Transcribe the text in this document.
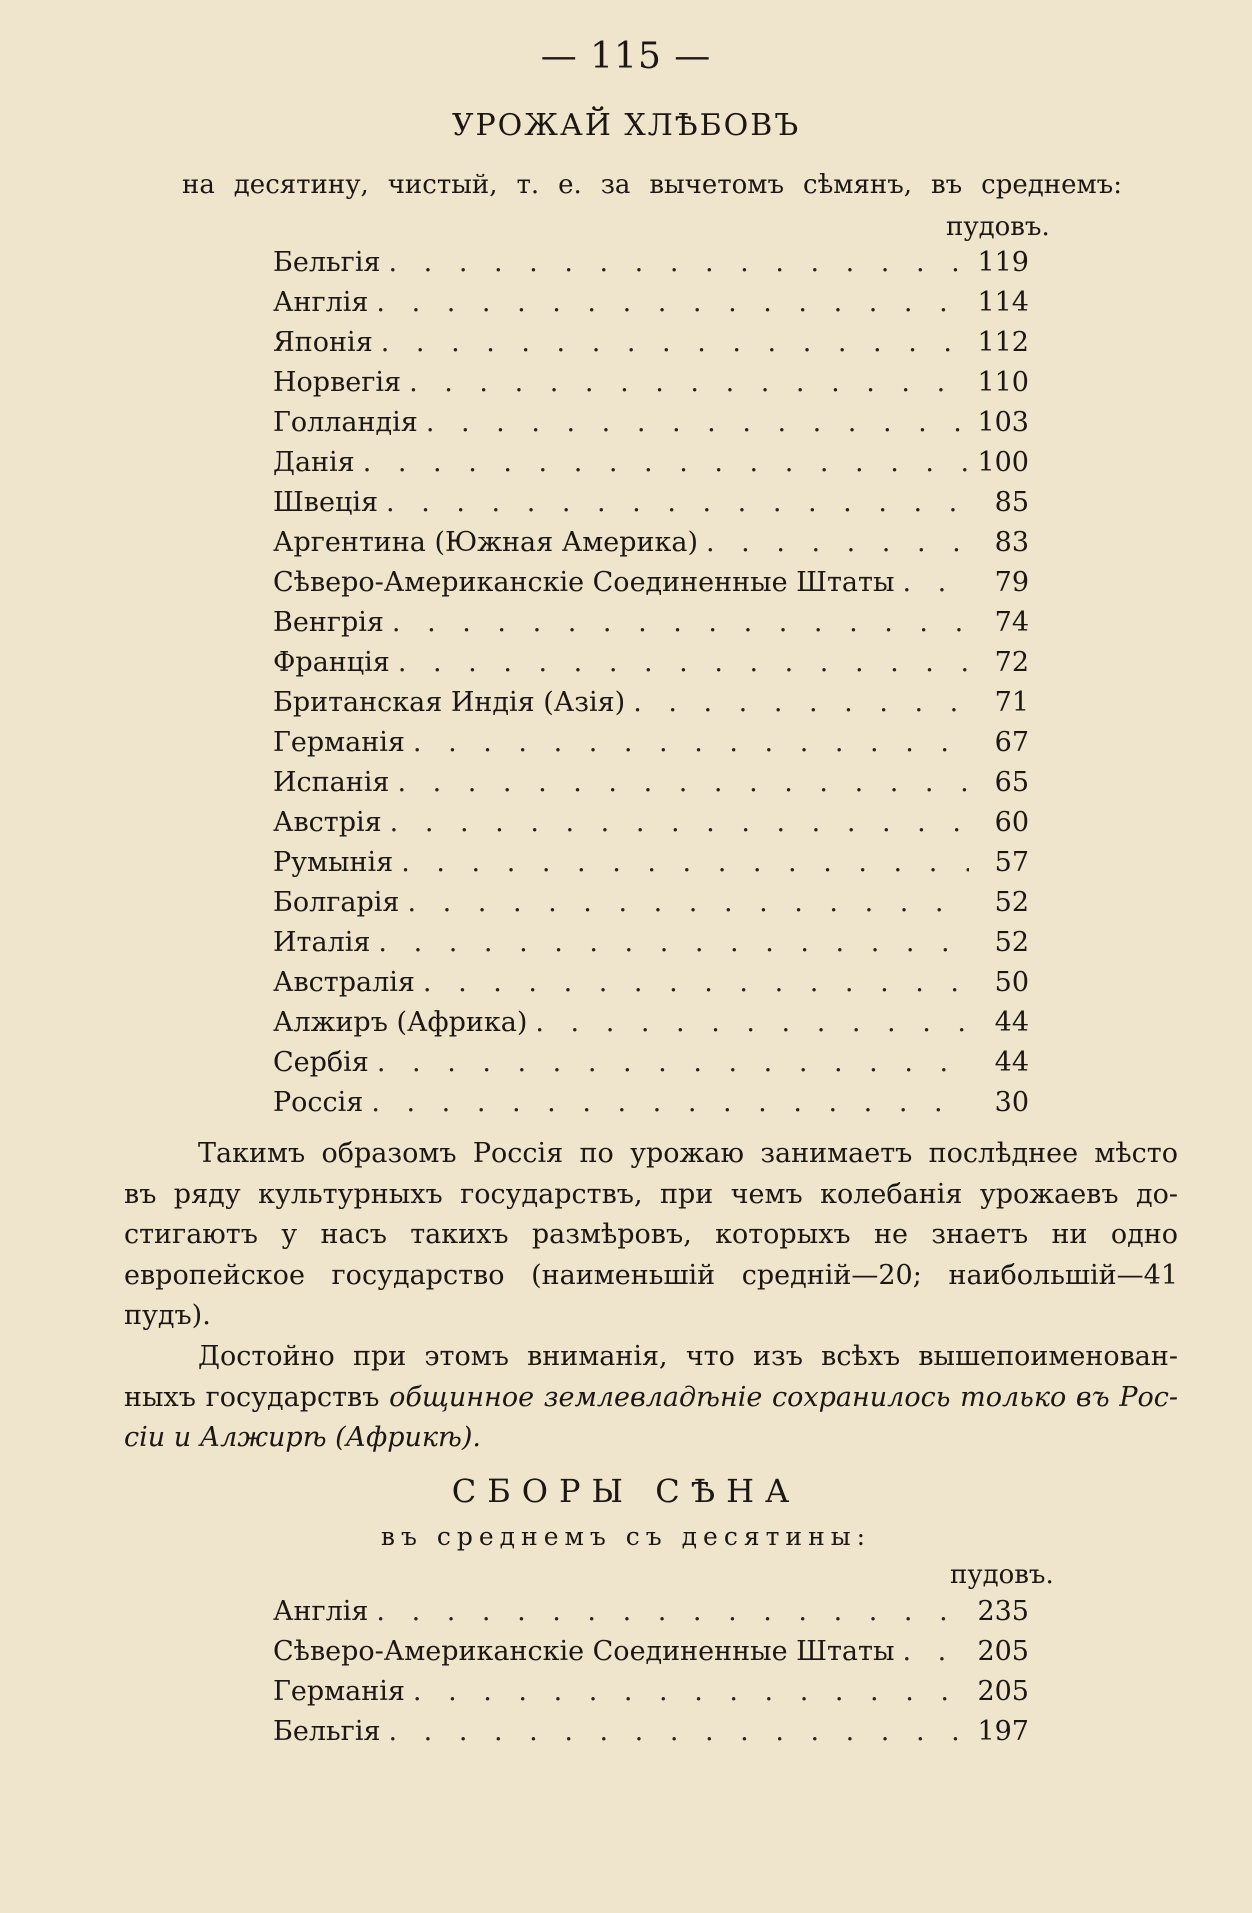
— 115 —
УРОЖАЙ ХЛѢБОВЪ
на десятину, чистый, т. е. за вычетомъ сѣмянъ, въ среднемъ:
пудовъ.
Бельгія . . .	119
Англія . . .	114
Японія . . .	112
Норвегія . . .	110
Голландія . . .	103
Данія . . .	100
Швеція . . .	85
Аргентина (Южная Америка) . . .	83
Сѣверо-Американскіе Соединенные Штаты . . .	79
Венгрія . . .	74
Франція . . .	72
Британская Индія (Азія) . . .	71
Германія . . .	67
Испанія . . .	65
Австрія . . .	60
Румынія . . .	57
Болгарія . . .	52
Италія . . .	52
Австралія . . .	50
Алжиръ (Африка) . . .	44
Сербія . . .	44
Россія . . .	30
Такимъ образомъ Россія по урожаю занимаетъ послѣднее мѣсто
въ ряду культурныхъ государствъ, при чемъ колебанія урожаевъ до-
стигаютъ у насъ такихъ размѣровъ, которыхъ не знаетъ ни одно
европейское государство (наименьшій средній—20; наибольшій—41
пудъ).
Достойно при этомъ вниманія, что изъ всѣхъ вышепоименован-
ныхъ государствъ общинное землевладѣніе сохранилось только въ Рос-
сіи и Алжирѣ (Африкѣ).
СБОРЫ СѢНА
въ среднемъ съ десятины:
пудовъ.
Англія . . .	235
Сѣверо-Американскіе Соединенные Штаты . . .	205
Германія . . .	205
Бельгія . . .	197
